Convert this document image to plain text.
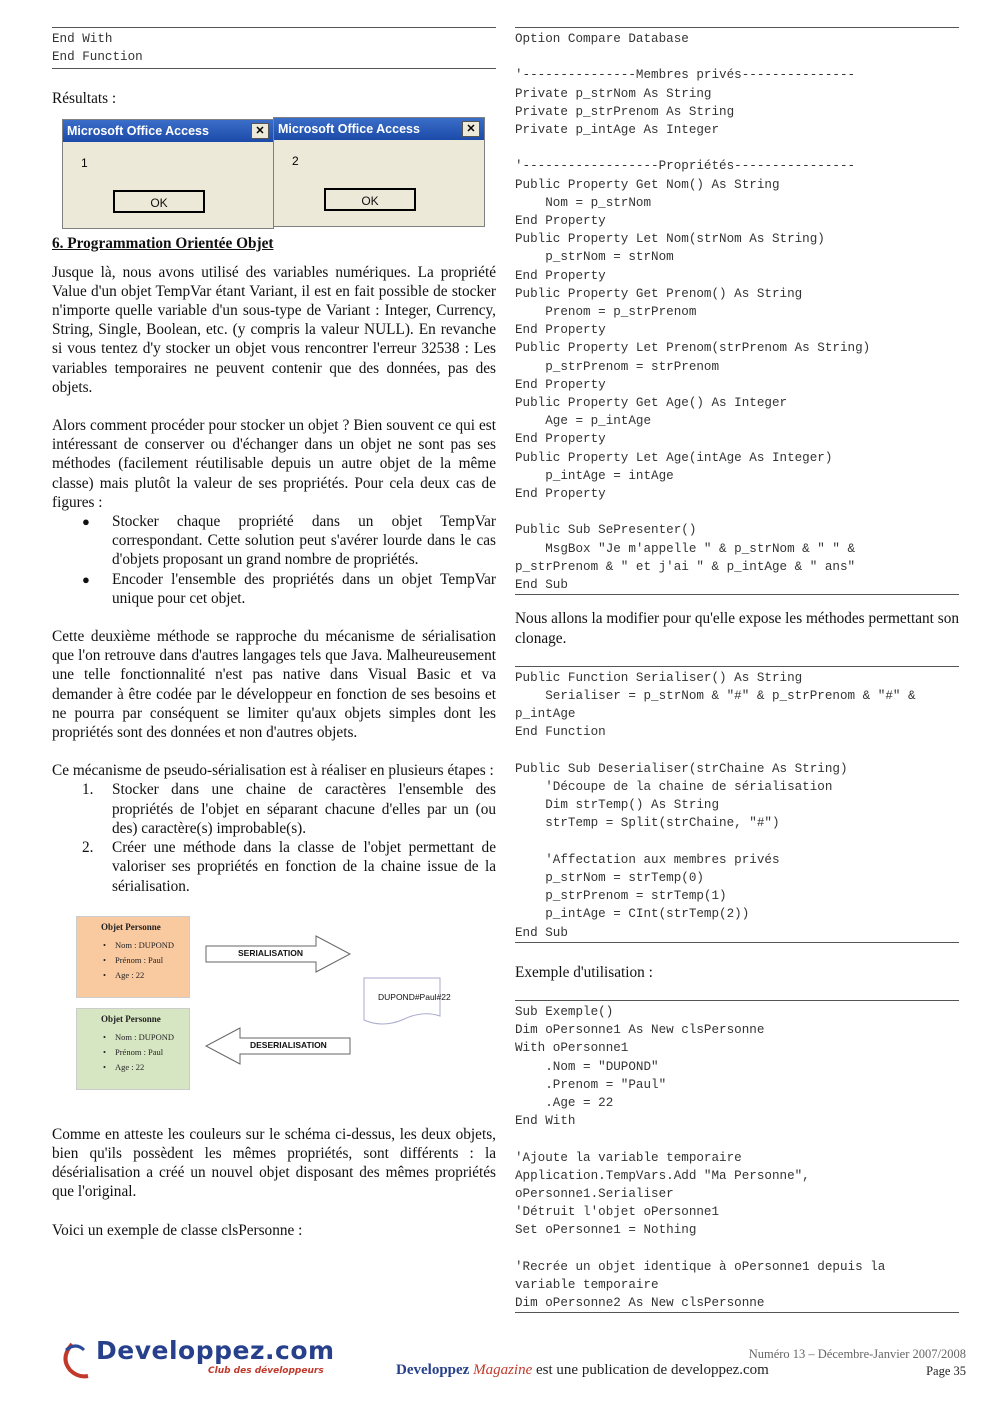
End With
End Function

Résultats :

Microsoft Office Access	✕
1
OK
Microsoft Office Access	✕
2
OK

6. Programmation Orientée Objet

Jusque là, nous avons utilisé des variables numériques. La propriété Value d'un objet TempVar étant Variant, il est en fait possible de stocker n'importe quelle variable d'un sous-type de Variant : Integer, Currency, String, Single, Boolean, etc. (y compris la valeur NULL). En revanche si vous tentez d'y stocker un objet vous rencontrer l'erreur 32538 : Les variables temporaires ne peuvent contenir que des données, pas des objets.

Alors comment procéder pour stocker un objet ? Bien souvent ce qui est intéressant de conserver ou d'échanger dans un objet ne sont pas ses méthodes (facilement réutilisable depuis un autre objet de la même classe) mais plutôt la valeur de ses propriétés. Pour cela deux cas de figures :

● Stocker chaque propriété dans un objet TempVar correspondant. Cette solution peut s'avérer lourde dans le cas d'objets proposant un grand nombre de propriétés.
● Encoder l'ensemble des propriétés dans un objet TempVar unique pour cet objet.

Cette deuxième méthode se rapproche du mécanisme de sérialisation que l'on retrouve dans d'autres langages tels que Java. Malheureusement une telle fonctionnalité n'est pas native dans Visual Basic et va demander à être codée par le développeur en fonction de ses besoins et ne pourra par conséquent se limiter qu'aux objets simples dont les propriétés sont des données et non d'autres objets.

Ce mécanisme de pseudo-sérialisation est à réaliser en plusieurs étapes :

1. Stocker dans une chaine de caractères l'ensemble des propriétés de l'objet en séparant chacune d'elles par un (ou des) caractère(s) improbable(s).
2. Créer une méthode dans la classe de l'objet permettant de valoriser ses propriétés en fonction de la chaine issue de la sérialisation.
Objet Personne
• Nom : DUPOND
• Prénom : Paul
• Age : 22
Objet Personne
• Nom : DUPOND
• Prénom : Paul
• Age : 22
SERIALISATION
DESERIALISATION
DUPOND#Paul#22

Comme en atteste les couleurs sur le schéma ci-dessus, les deux objets, bien qu'ils possèdent les mêmes propriétés, sont différents : la désérialisation a créé un nouvel objet disposant des mêmes propriétés que l'original.

Voici un exemple de classe clsPersonne :

Option Compare Database

'---------------Membres privés---------------
Private p_strNom As String
Private p_strPrenom As String
Private p_intAge As Integer

'------------------Propriétés----------------
Public Property Get Nom() As String
Nom = p_strNom
End Property
Public Property Let Nom(strNom As String)
p_strNom = strNom
End Property
Public Property Get Prenom() As String
Prenom = p_strPrenom
End Property
Public Property Let Prenom(strPrenom As String)
p_strPrenom = strPrenom
End Property
Public Property Get Age() As Integer
Age = p_intAge
End Property
Public Property Let Age(intAge As Integer)
p_intAge = intAge
End Property

Public Sub SePresenter()
MsgBox "Je m'appelle " & p_strNom & " " &
p_strPrenom & " et j'ai " & p_intAge & " ans"
End Sub

Nous allons la modifier pour qu'elle expose les méthodes permettant son clonage.

Public Function Serialiser() As String
Serialiser = p_strNom & "#" & p_strPrenom & "#" &
p_intAge
End Function

Public Sub Deserialiser(strChaine As String)
'Découpe de la chaine de sérialisation
Dim strTemp() As String
strTemp = Split(strChaine, "#")

'Affectation aux membres privés
p_strNom = strTemp(0)
p_strPrenom = strTemp(1)
p_intAge = CInt(strTemp(2))
End Sub

Exemple d'utilisation :

Sub Exemple()
Dim oPersonne1 As New clsPersonne
With oPersonne1
.Nom = "DUPOND"
.Prenom = "Paul"
.Age = 22
End With

'Ajoute la variable temporaire
Application.TempVars.Add "Ma Personne",
oPersonne1.Serialiser
'Détruit l'objet oPersonne1
Set oPersonne1 = Nothing

'Recrée un objet identique à oPersonne1 depuis la
variable temporaire
Dim oPersonne2 As New clsPersonne
Developpez.com
Club des développeurs	Developpez Magazine est une publication de developpez.com
Numéro 13 – Décembre-Janvier 2007/2008
Page 35
